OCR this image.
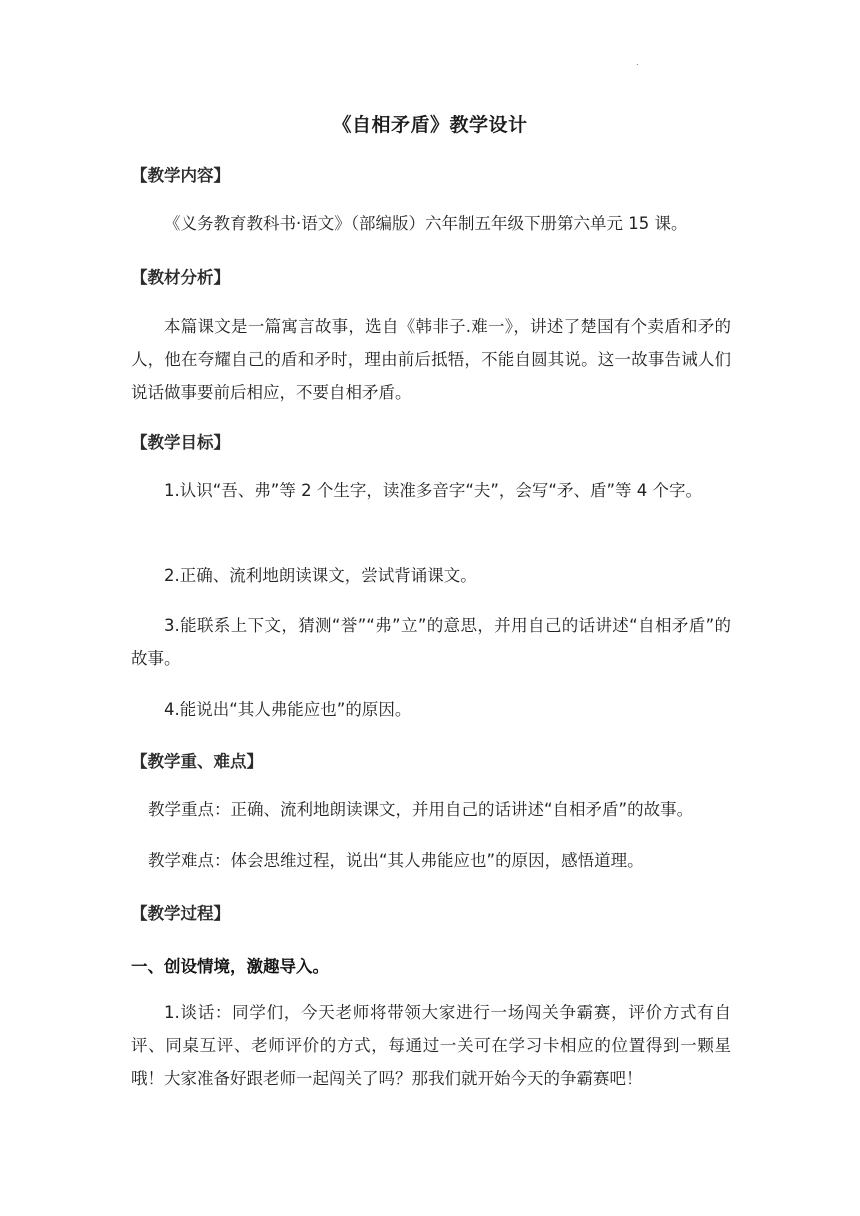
.
《自相矛盾》教学设计
【教学内容】
《义务教育教科书·语文》（部编版）六年制五年级下册第六单元 15 课。
【教材分析】
本篇课文是一篇寓言故事，选自《韩非子.难一》，讲述了楚国有个卖盾和矛的人，他在夸耀自己的盾和矛时，理由前后抵牾，不能自圆其说。这一故事告诫人们说话做事要前后相应，不要自相矛盾。
【教学目标】
1.认识“吾、弗”等 2 个生字，读准多音字“夫”，会写“矛、盾”等 4 个字。
2.正确、流利地朗读课文，尝试背诵课文。
3.能联系上下文，猜测“誉”“弗”立”的意思，并用自己的话讲述“自相矛盾”的故事。
4.能说出“其人弗能应也”的原因。
【教学重、难点】
教学重点：正确、流利地朗读课文，并用自己的话讲述“自相矛盾”的故事。
教学难点：体会思维过程，说出“其人弗能应也”的原因，感悟道理。
【教学过程】
一、创设情境，激趣导入。
1.谈话：同学们，今天老师将带领大家进行一场闯关争霸赛，评价方式有自评、同桌互评、老师评价的方式，每通过一关可在学习卡相应的位置得到一颗星哦！大家准备好跟老师一起闯关了吗？那我们就开始今天的争霸赛吧！
